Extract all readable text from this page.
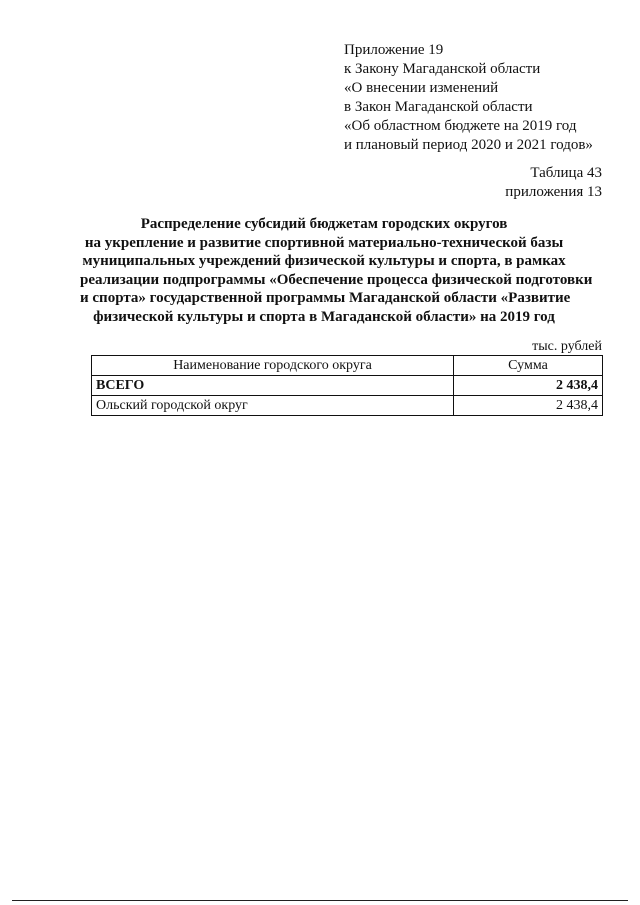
Приложение 19
к Закону Магаданской области
«О внесении изменений
в Закон Магаданской области
«Об областном бюджете на 2019 год
и плановый период 2020 и 2021 годов»
Таблица 43
приложения 13
Распределение субсидий бюджетам городских округов
на укрепление и развитие спортивной материально-технической базы
муниципальных учреждений физической культуры и спорта, в рамках
реализации подпрограммы «Обеспечение процесса физической подготовки
и спорта» государственной программы Магаданской области «Развитие
физической культуры и спорта в Магаданской области» на 2019 год
тыс. рублей
Наименование городского округа	Сумма
ВСЕГО	2 438,4
Ольский городской округ	2 438,4
